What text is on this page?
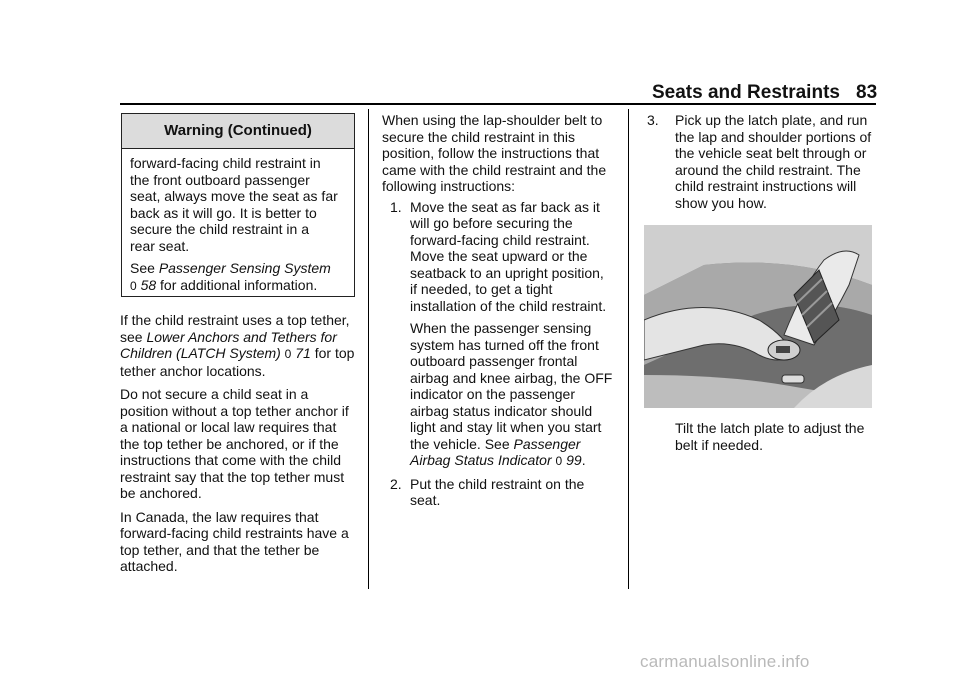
Seats and Restraints 83
Warning (Continued)

forward-facing child restraint in
the front outboard passenger
seat, always move the seat as far
back as it will go. It is better to
secure the child restraint in a
rear seat.

See Passenger Sensing System
0 58 for additional information.

If the child restraint uses a top tether, see Lower Anchors and Tethers for Children (LATCH System) 0 71 for top tether anchor locations.

Do not secure a child seat in a position without a top tether anchor if a national or local law requires that the top tether be anchored, or if the instructions that come with the child restraint say that the top tether must be anchored.

In Canada, the law requires that forward-facing child restraints have a top tether, and that the tether be attached.

When using the lap-shoulder belt to secure the child restraint in this position, follow the instructions that came with the child restraint and the following instructions:

1. Move the seat as far back as it will go before securing the forward-facing child restraint. Move the seat upward or the seatback to an upright position, if needed, to get a tight installation of the child restraint.
When the passenger sensing system has turned off the front outboard passenger frontal airbag and knee airbag, the OFF indicator on the passenger airbag status indicator should light and stay lit when you start the vehicle. See Passenger Airbag Status Indicator 0 99.
2. Put the child restraint on the seat.
3. Pick up the latch plate, and run the lap and shoulder portions of the vehicle seat belt through or around the child restraint. The child restraint instructions will show you how.
Tilt the latch plate to adjust the belt if needed.
carmanualsonline.info
